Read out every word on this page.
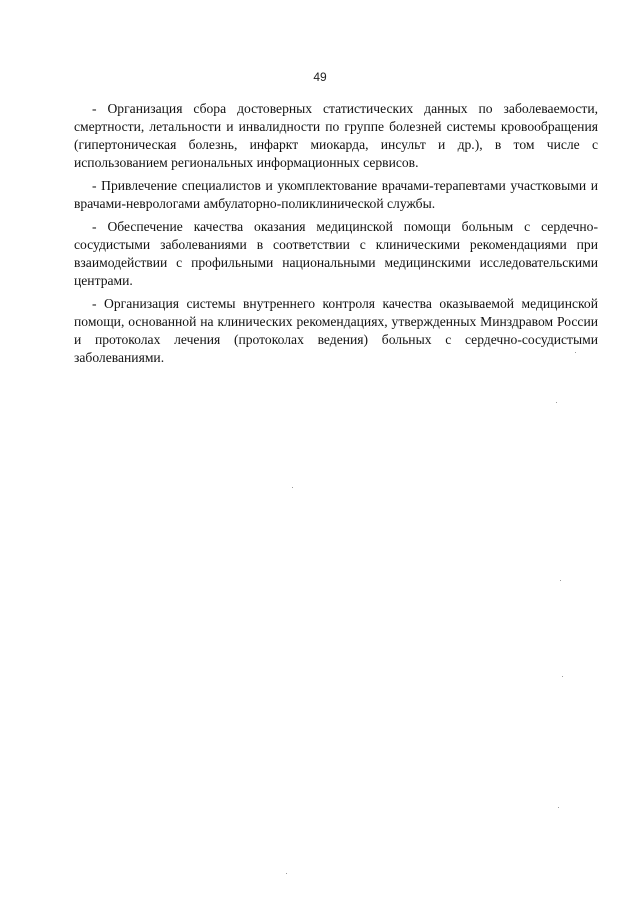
49

- Организация сбора достоверных статистических данных по заболеваемости, смертности, летальности и инвалидности по группе болезней системы кровообращения (гипертоническая болезнь, инфаркт миокарда, инсульт и др.), в том числе с использованием региональных информационных сервисов.

- Привлечение специалистов и укомплектование врачами-терапевтами участковыми и врачами-неврологами амбулаторно-поликлинической службы.

- Обеспечение качества оказания медицинской помощи больным с сердечно-сосудистыми заболеваниями в соответствии с клиническими рекомендациями при взаимодействии с профильными национальными медицинскими исследовательскими центрами.

- Организация системы внутреннего контроля качества оказываемой медицинской помощи, основанной на клинических рекомендациях, утвержденных Минздравом России и протоколах лечения (протоколах ведения) больных с сердечно-сосудистыми заболеваниями.
